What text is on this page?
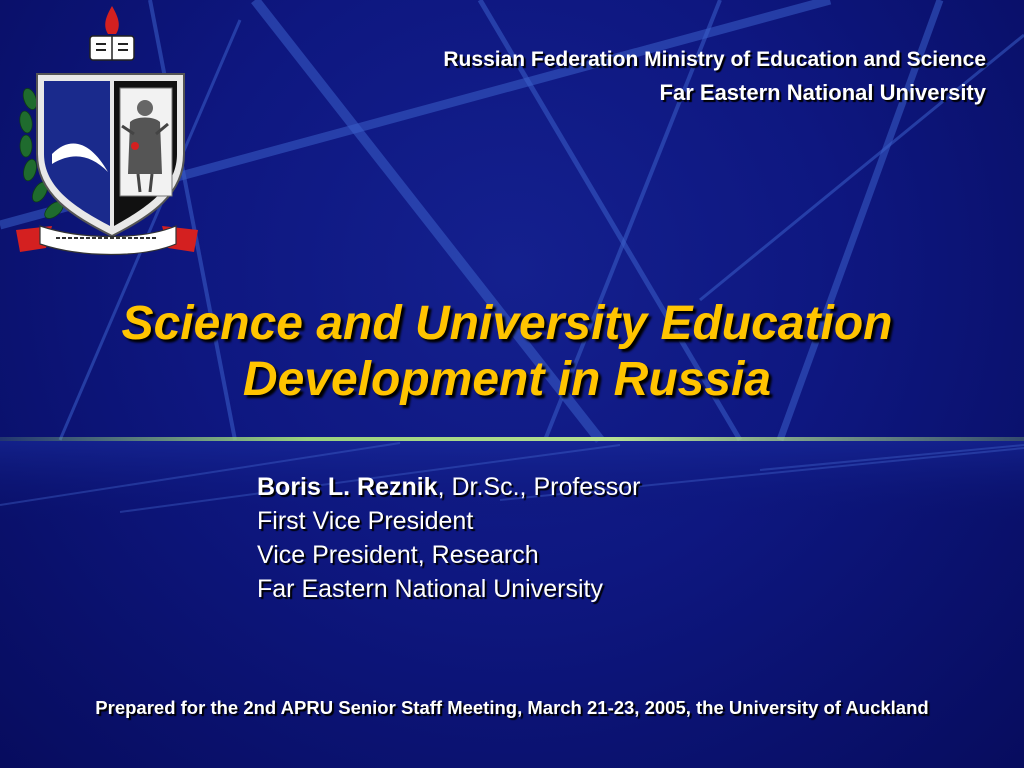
Russian Federation Ministry of Education and Science
Far Eastern National University
Science and University Education
Development in Russia
Boris L. Reznik, Dr.Sc., Professor
First Vice President
Vice President, Research
Far Eastern National University
Prepared for the 2nd APRU Senior Staff Meeting, March 21-23, 2005, the University of Auckland
